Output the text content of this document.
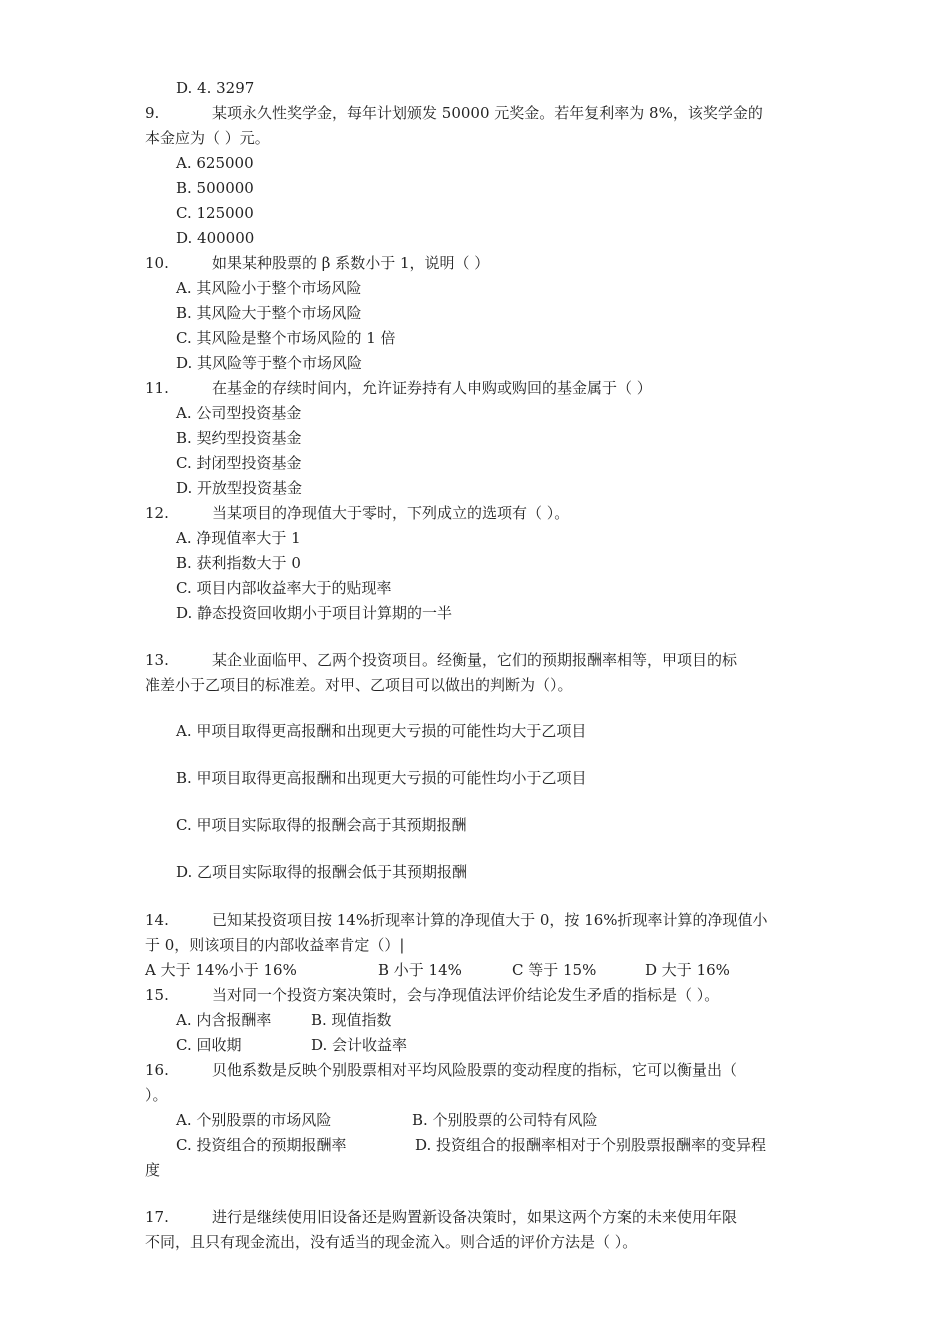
D. 4. 3297

9.	某项永久性奖学金，每年计划颁发 50000 元奖金。若年复利率为 8%，该奖学金的

本金应为（ ）元。

A. 625000

B. 500000

C. 125000

D. 400000

10.	如果某种股票的 β 系数小于 1，说明（ ）

A. 其风险小于整个市场风险

B. 其风险大于整个市场风险

C. 其风险是整个市场风险的 1 倍

D. 其风险等于整个市场风险

11.	在基金的存续时间内，允许证券持有人申购或购回的基金属于（ ）

A. 公司型投资基金

B. 契约型投资基金

C. 封闭型投资基金

D. 开放型投资基金

12.	当某项目的净现值大于零时，下列成立的选项有（ ）。

A. 净现值率大于 1

B. 获利指数大于 0

C. 项目内部收益率大于的贴现率

D. 静态投资回收期小于项目计算期的一半

13.	某企业面临甲、乙两个投资项目。经衡量，它们的预期报酬率相等，甲项目的标

准差小于乙项目的标准差。对甲、乙项目可以做出的判断为（）。

A. 甲项目取得更高报酬和出现更大亏损的可能性均大于乙项目

B. 甲项目取得更高报酬和出现更大亏损的可能性均小于乙项目

C. 甲项目实际取得的报酬会高于其预期报酬

D. 乙项目实际取得的报酬会低于其预期报酬

14.	已知某投资项目按 14%折现率计算的净现值大于 0，按 16%折现率计算的净现值小

于 0，则该项目的内部收益率肯定（）|

A 大于 14%小于 16%	B 小于 14%	C 等于 15%	D 大于 16%

15.	当对同一个投资方案决策时，会与净现值法评价结论发生矛盾的指标是（ ）。

A. 内含报酬率	B. 现值指数

C. 回收期	D. 会计收益率

16.	贝他系数是反映个别股票相对平均风险股票的变动程度的指标，它可以衡量出（

）。

A. 个别股票的市场风险	B. 个别股票的公司特有风险

C. 投资组合的预期报酬率	D. 投资组合的报酬率相对于个别股票报酬率的变异程

度

17.	进行是继续使用旧设备还是购置新设备决策时，如果这两个方案的未来使用年限

不同，且只有现金流出，没有适当的现金流入。则合适的评价方法是（ ）。
